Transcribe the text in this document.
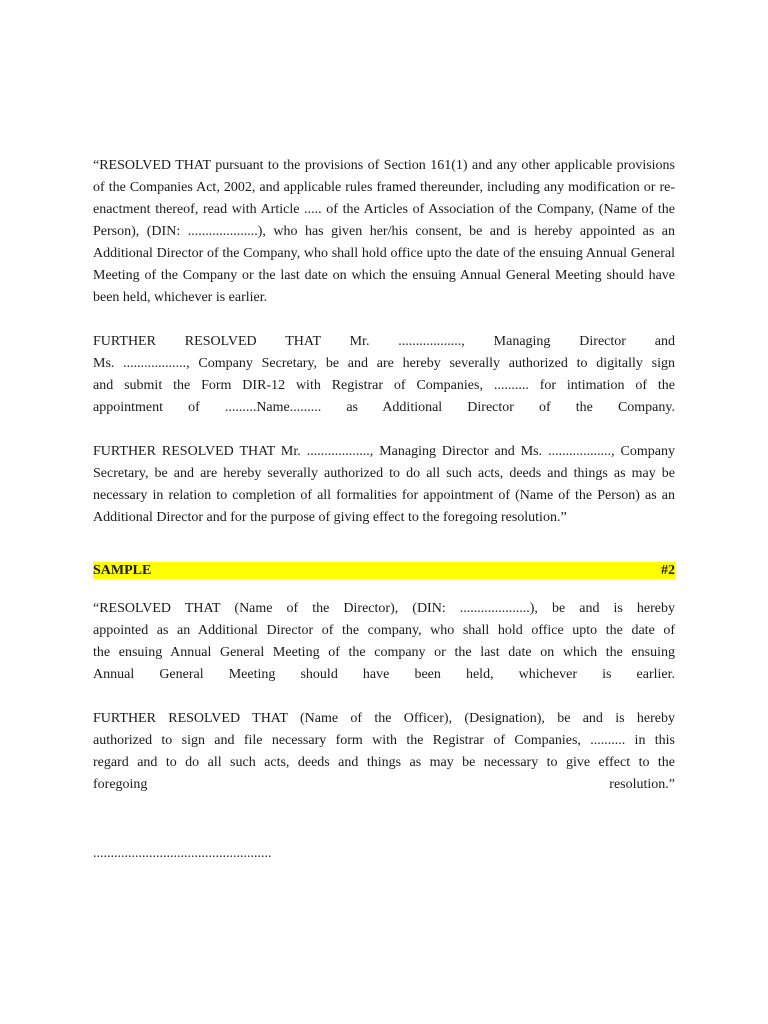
“RESOLVED THAT pursuant to the provisions of Section 161(1) and any other applicable provisions of the Companies Act, 2002, and applicable rules framed thereunder, including any modification or re-enactment thereof, read with Article ..... of the Articles of Association of the Company, (Name of the Person), (DIN: ....................), who has given her/his consent, be and is hereby appointed as an Additional Director of the Company, who shall hold office upto the date of the ensuing Annual General Meeting of the Company or the last date on which the ensuing Annual General Meeting should have been held, whichever is earlier.

FURTHER RESOLVED THAT Mr. .................., Managing Director and
Ms. .................., Company Secretary, be and are hereby severally authorized to digitally sign
and submit the Form DIR-12 with Registrar of Companies, .......... for intimation of the
appointment of .........Name......... as Additional Director of the Company.

FURTHER RESOLVED THAT Mr. .................., Managing Director and Ms. .................., Company Secretary, be and are hereby severally authorized to do all such acts, deeds and things as may be necessary in relation to completion of all formalities for appointment of (Name of the Person) as an Additional Director and for the purpose of giving effect to the foregoing resolution.”

SAMPLE	#2

“RESOLVED THAT (Name of the Director), (DIN: ....................), be and is hereby
appointed as an Additional Director of the company, who shall hold office upto the date of
the ensuing Annual General Meeting of the company or the last date on which the ensuing
Annual General Meeting should have been held, whichever is earlier.

FURTHER RESOLVED THAT (Name of the Officer), (Designation), be and is hereby
authorized to sign and file necessary form with the Registrar of Companies, .......... in this
regard and to do all such acts, deeds and things as may be necessary to give effect to the
foregoing resolution.”

...................................................
